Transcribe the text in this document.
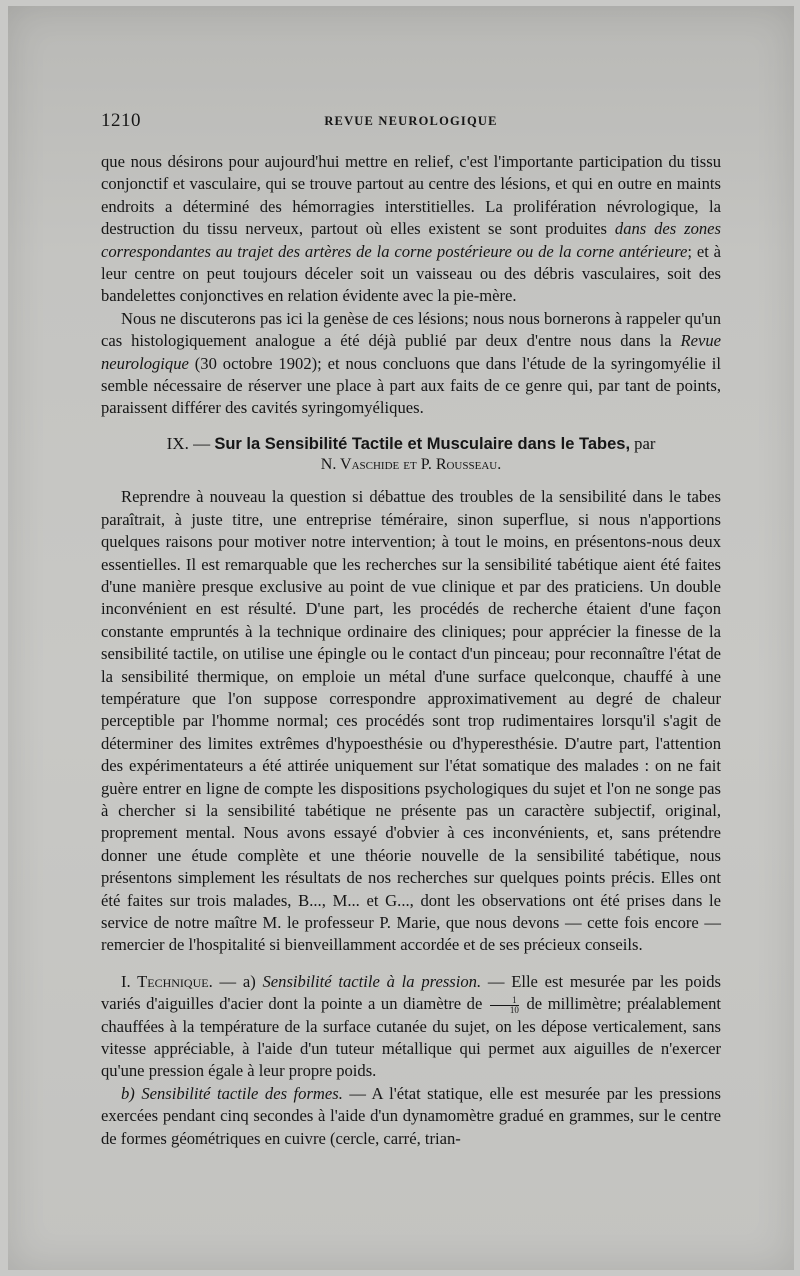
1210	REVUE NEUROLOGIQUE

que nous désirons pour aujourd'hui mettre en relief, c'est l'importante participation du tissu conjonctif et vasculaire, qui se trouve partout au centre des lésions, et qui en outre en maints endroits a déterminé des hémorragies interstitielles. La prolifération névrologique, la destruction du tissu nerveux, partout où elles existent se sont produites dans des zones correspondantes au trajet des artères de la corne postérieure ou de la corne antérieure; et à leur centre on peut toujours déceler soit un vaisseau ou des débris vasculaires, soit des bandelettes conjonctives en relation évidente avec la pie-mère.

Nous ne discuterons pas ici la genèse de ces lésions; nous nous bornerons à rappeler qu'un cas histologiquement analogue a été déjà publié par deux d'entre nous dans la Revue neurologique (30 octobre 1902); et nous concluons que dans l'étude de la syringomyélie il semble nécessaire de réserver une place à part aux faits de ce genre qui, par tant de points, paraissent différer des cavités syringomyéliques.

IX. — Sur la Sensibilité Tactile et Musculaire dans le Tabes, par

N. Vaschide et P. Rousseau.

Reprendre à nouveau la question si débattue des troubles de la sensibilité dans le tabes paraîtrait, à juste titre, une entreprise téméraire, sinon superflue, si nous n'apportions quelques raisons pour motiver notre intervention; à tout le moins, en présentons-nous deux essentielles. Il est remarquable que les recherches sur la sensibilité tabétique aient été faites d'une manière presque exclusive au point de vue clinique et par des praticiens. Un double inconvénient en est résulté. D'une part, les procédés de recherche étaient d'une façon constante empruntés à la technique ordinaire des cliniques; pour apprécier la finesse de la sensibilité tactile, on utilise une épingle ou le contact d'un pinceau; pour reconnaître l'état de la sensibilité thermique, on emploie un métal d'une surface quelconque, chauffé à une température que l'on suppose correspondre approximativement au degré de chaleur perceptible par l'homme normal; ces procédés sont trop rudimentaires lorsqu'il s'agit de déterminer des limites extrêmes d'hypoesthésie ou d'hyperesthésie. D'autre part, l'attention des expérimentateurs a été attirée uniquement sur l'état somatique des malades : on ne fait guère entrer en ligne de compte les dispositions psychologiques du sujet et l'on ne songe pas à chercher si la sensibilité tabétique ne présente pas un caractère subjectif, original, proprement mental. Nous avons essayé d'obvier à ces inconvénients, et, sans prétendre donner une étude complète et une théorie nouvelle de la sensibilité tabétique, nous présentons simplement les résultats de nos recherches sur quelques points précis. Elles ont été faites sur trois malades, B..., M... et G..., dont les observations ont été prises dans le service de notre maître M. le professeur P. Marie, que nous devons — cette fois encore — remercier de l'hospitalité si bienveillamment accordée et de ses précieux conseils.

I. Technique. — a) Sensibilité tactile à la pression. — Elle est mesurée par les poids variés d'aiguilles d'acier dont la pointe a un diamètre de $\frac{1}{10}$ de millimètre; préalablement chauffées à la température de la surface cutanée du sujet, on les dépose verticalement, sans vitesse appréciable, à l'aide d'un tuteur métallique qui permet aux aiguilles de n'exercer qu'une pression égale à leur propre poids.

b) Sensibilité tactile des formes. — A l'état statique, elle est mesurée par les pressions exercées pendant cinq secondes à l'aide d'un dynamomètre gradué en grammes, sur le centre de formes géométriques en cuivre (cercle, carré, trian-
